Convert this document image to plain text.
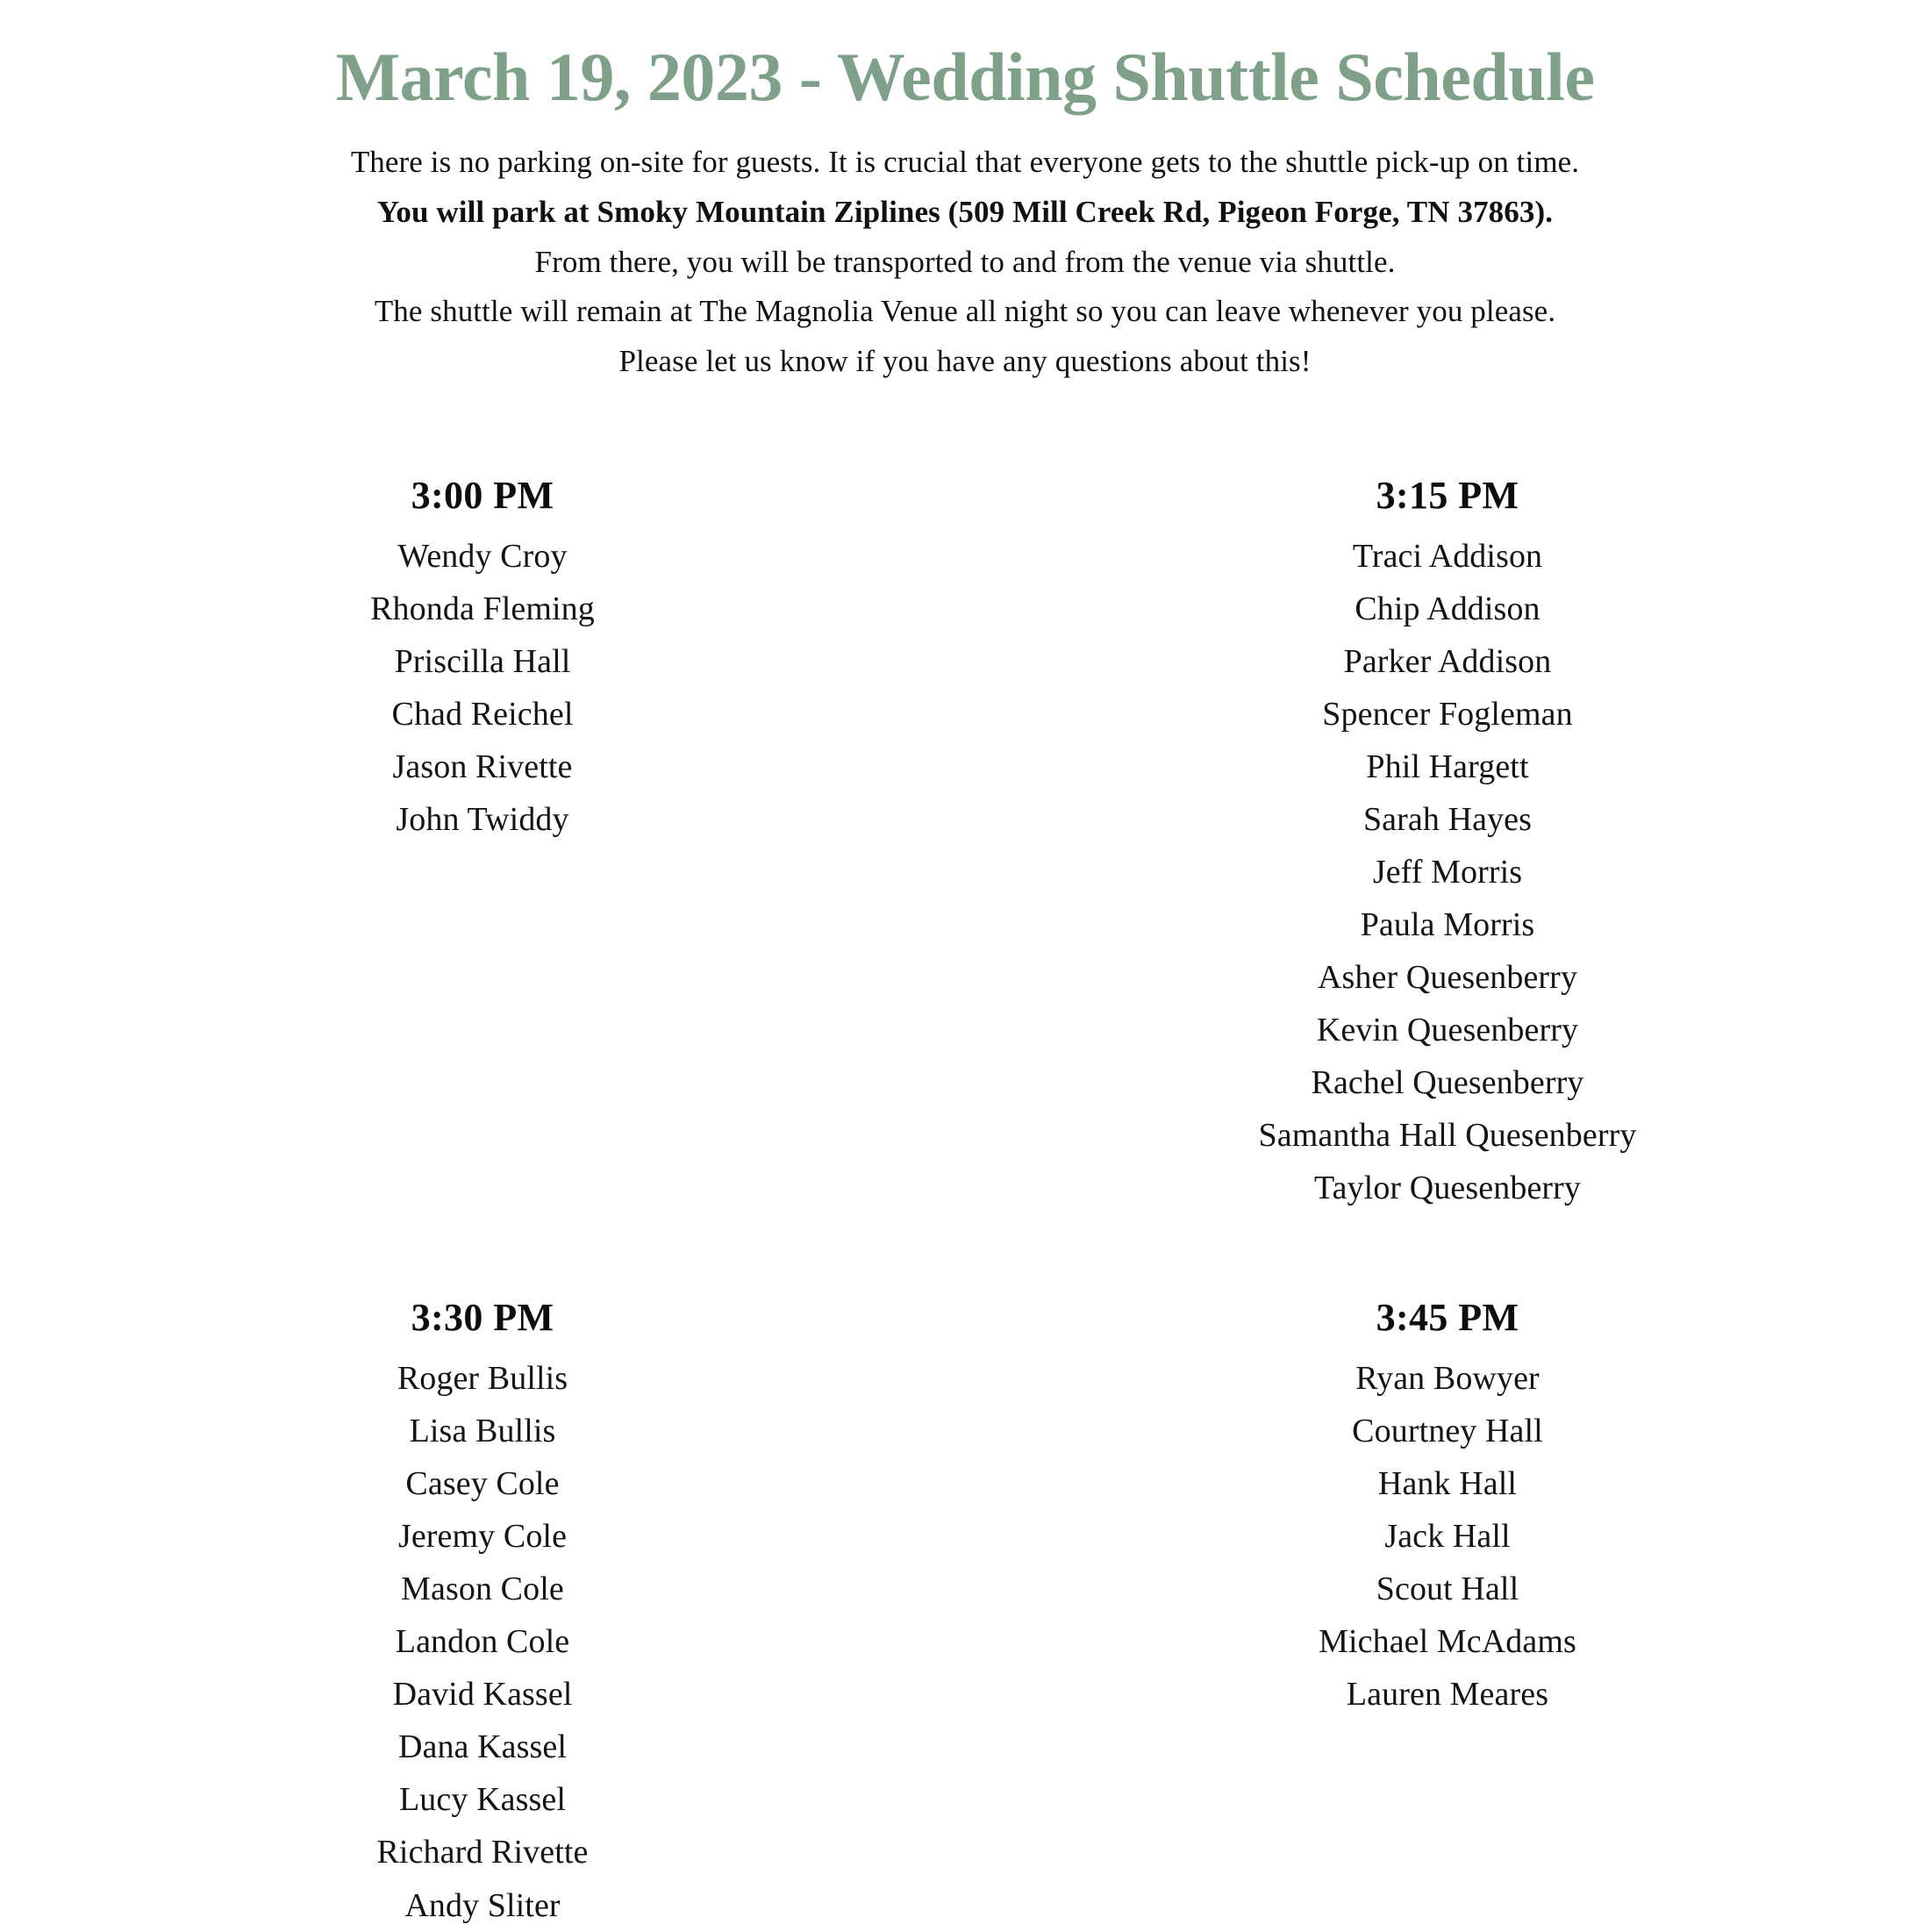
March 19, 2023 - Wedding Shuttle Schedule

There is no parking on-site for guests. It is crucial that everyone gets to the shuttle pick-up on time.

You will park at Smoky Mountain Ziplines (509 Mill Creek Rd, Pigeon Forge, TN 37863).

From there, you will be transported to and from the venue via shuttle.

The shuttle will remain at The Magnolia Venue all night so you can leave whenever you please.

Please let us know if you have any questions about this!

3:00 PM
Wendy Croy
Rhonda Fleming
Priscilla Hall
Chad Reichel
Jason Rivette
John Twiddy
3:15 PM
Traci Addison
Chip Addison
Parker Addison
Spencer Fogleman
Phil Hargett
Sarah Hayes
Jeff Morris
Paula Morris
Asher Quesenberry
Kevin Quesenberry
Rachel Quesenberry
Samantha Hall Quesenberry
Taylor Quesenberry
3:30 PM
Roger Bullis
Lisa Bullis
Casey Cole
Jeremy Cole
Mason Cole
Landon Cole
David Kassel
Dana Kassel
Lucy Kassel
Richard Rivette
Andy Sliter
3:45 PM
Ryan Bowyer
Courtney Hall
Hank Hall
Jack Hall
Scout Hall
Michael McAdams
Lauren Meares
